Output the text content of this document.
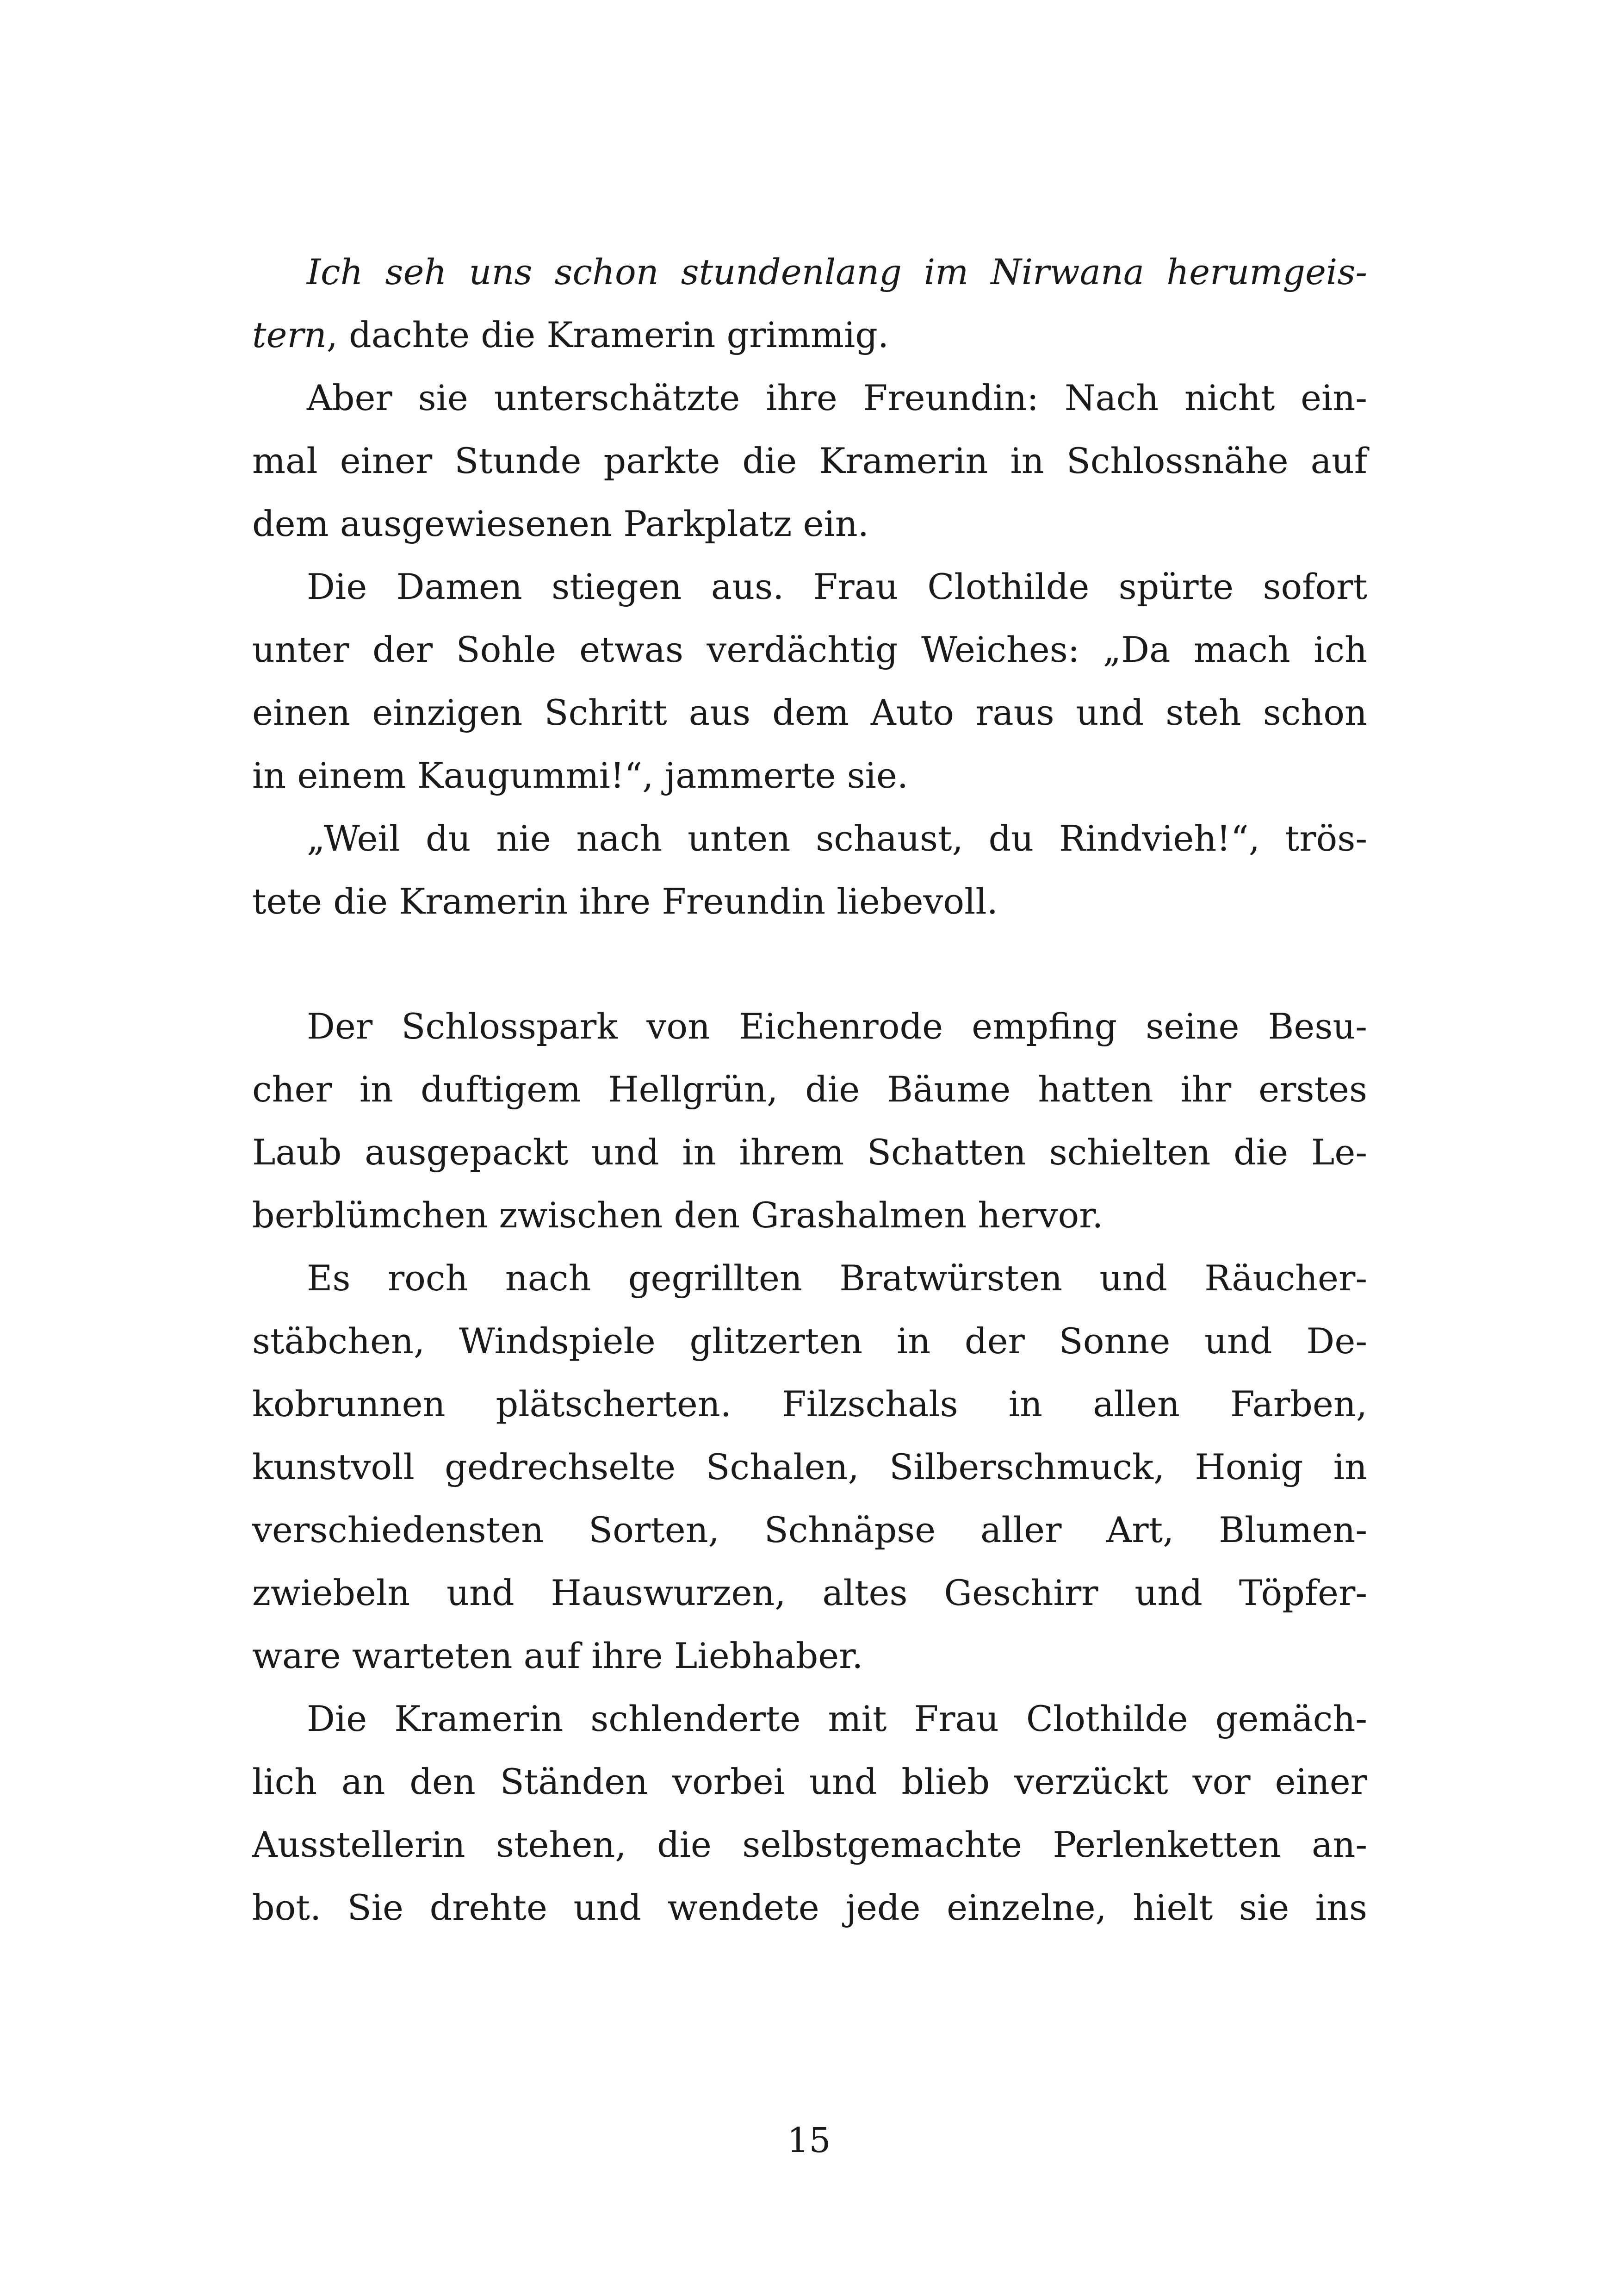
Ich seh uns schon stundenlang im Nirwana herumgeis-
tern, dachte die Kramerin grimmig.
Aber sie unterschätzte ihre Freundin: Nach nicht ein-
mal einer Stunde parkte die Kramerin in Schlossnähe auf
dem ausgewiesenen Parkplatz ein.
Die Damen stiegen aus. Frau Clothilde spürte sofort
unter der Sohle etwas verdächtig Weiches: „Da mach ich
einen einzigen Schritt aus dem Auto raus und steh schon
in einem Kaugummi!“, jammerte sie.
„Weil du nie nach unten schaust, du Rindvieh!“, trös-
tete die Kramerin ihre Freundin liebevoll.
Der Schlosspark von Eichenrode empfing seine Besu-
cher in duftigem Hellgrün, die Bäume hatten ihr erstes
Laub ausgepackt und in ihrem Schatten schielten die Le-
berblümchen zwischen den Grashalmen hervor.
Es roch nach gegrillten Bratwürsten und Räucher-
stäbchen, Windspiele glitzerten in der Sonne und De-
kobrunnen plätscherten. Filzschals in allen Farben,
kunstvoll gedrechselte Schalen, Silberschmuck, Honig in
verschiedensten Sorten, Schnäpse aller Art, Blumen-
zwiebeln und Hauswurzen, altes Geschirr und Töpfer-
ware warteten auf ihre Liebhaber.
Die Kramerin schlenderte mit Frau Clothilde gemäch-
lich an den Ständen vorbei und blieb verzückt vor einer
Ausstellerin stehen, die selbstgemachte Perlenketten an-
bot. Sie drehte und wendete jede einzelne, hielt sie ins
15
